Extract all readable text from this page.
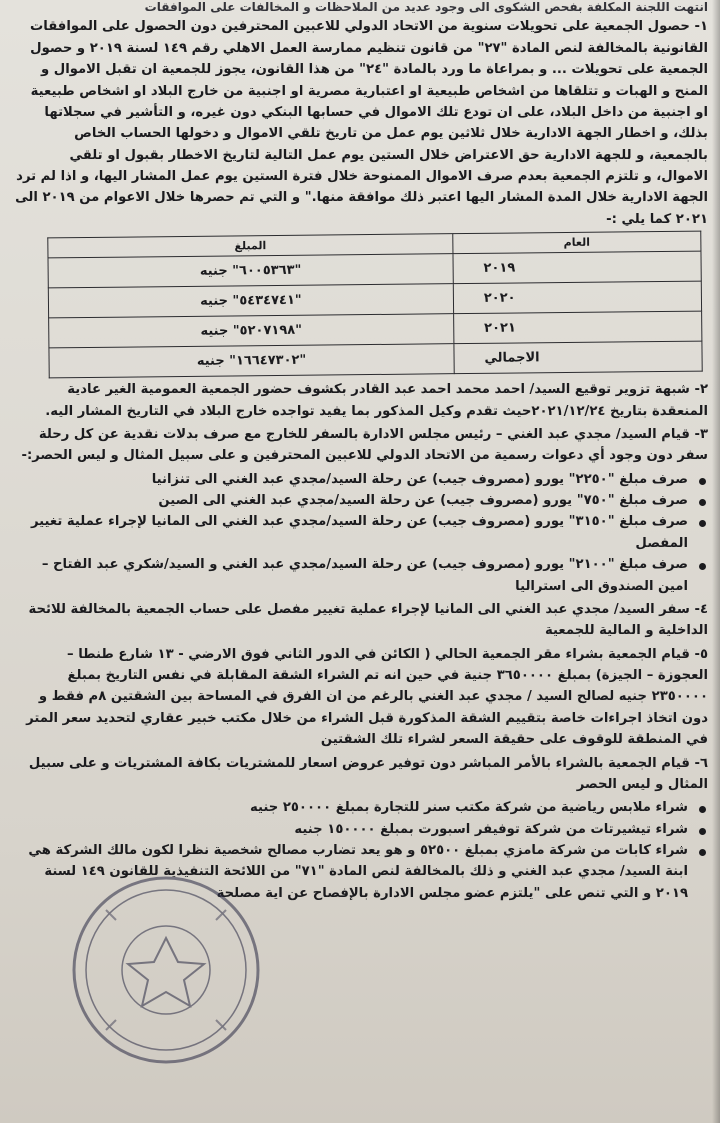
انتهت اللجنة المكلفة بفحص الشكوى الى وجود عديد من الملاحظات و المخالفات على الموافقات

١- حصول الجمعية على تحويلات سنوية من الاتحاد الدولي للاعبين المحترفين دون الحصول على الموافقات القانونية بالمخالفة لنص المادة "٢٧" من قانون تنظيم ممارسة العمل الاهلي رقم ١٤٩ لسنة ٢٠١٩ و حصول الجمعية على تحويلات ... و بمراعاة ما ورد بالمادة "٢٤" من هذا القانون، يجوز للجمعية ان تقبل الاموال و المنح و الهبات و تتلقاها من اشخاص طبيعية او اعتبارية مصرية او اجنبية من خارج البلاد او اشخاص طبيعية او اجنبية من داخل البلاد، على ان تودع تلك الاموال في حسابها البنكي دون غيره، و التأشير في سجلاتها بذلك، و اخطار الجهة الادارية خلال ثلاثين يوم عمل من تاريخ تلقي الاموال و دخولها الحساب الخاص بالجمعية، و للجهة الادارية حق الاعتراض خلال الستين يوم عمل التالية لتاريخ الاخطار بقبول او تلقي الاموال، و تلتزم الجمعية بعدم صرف الاموال الممنوحة خلال فترة الستين يوم عمل المشار اليها، و اذا لم ترد الجهة الادارية خلال المدة المشار اليها اعتبر ذلك موافقة منها." و التي تم حصرها خلال الاعوام من ٢٠١٩ الى ٢٠٢١ كما يلي :-

العام	المبلغ
٢٠١٩	"٦٠٠٥٣٦٣" جنيه
٢٠٢٠	"٥٤٣٤٧٤١" جنيه
٢٠٢١	"٥٢٠٧١٩٨" جنيه
الاجمالي	"١٦٦٤٧٣٠٢" جنيه

٢- شبهة تزوير توقيع السيد/ احمد محمد احمد عبد القادر بكشوف حضور الجمعية العمومية الغير عادية المنعقدة بتاريخ ٢٠٢١/١٢/٢٤حيث تقدم وكيل المذكور بما يفيد تواجده خارج البلاد في التاريخ المشار اليه.

٣- قيام السيد/ مجدي عبد الغني – رئيس مجلس الادارة بالسفر للخارج مع صرف بدلات نقدية عن كل رحلة سفر دون وجود أي دعوات رسمية من الاتحاد الدولي للاعبين المحترفين و على سبيل المثال و ليس الحصر:-

صرف مبلغ "٢٢٥٠" يورو (مصروف جيب) عن رحلة السيد/مجدي عبد الغني الى تنزانيا
صرف مبلغ "٧٥٠" يورو (مصروف جيب) عن رحلة السيد/مجدي عبد الغني الى الصين
صرف مبلغ "٣١٥٠" يورو (مصروف جيب) عن رحلة السيد/مجدي عبد الغني الى المانيا لإجراء عملية تغيير المفصل
صرف مبلغ "٢١٠٠" يورو (مصروف جيب) عن رحلة السيد/مجدي عبد الغني و السيد/شكري عبد الفتاح – امين الصندوق الى استراليا

٤- سفر السيد/ مجدي عبد الغني الى المانيا لإجراء عملية تغيير مفصل على حساب الجمعية بالمخالفة للائحة الداخلية و المالية للجمعية

٥- قيام الجمعية بشراء مقر الجمعية الحالي ( الكائن في الدور الثاني فوق الارضي - ١٣ شارع طنطا – العجوزة – الجيزة) بمبلغ ٣٦٥٠٠٠٠ جنية في حين انه تم الشراء الشقة المقابلة في نفس التاريخ بمبلغ ٢٣٥٠٠٠٠ جنيه لصالح السيد / مجدي عبد الغني بالرغم من ان الفرق في المساحة بين الشقتين ٨م فقط و دون اتخاذ اجراءات خاصة بتقييم الشقة المذكورة قبل الشراء من خلال مكتب خبير عقاري لتحديد سعر المتر في المنطقة للوقوف على حقيقة السعر لشراء تلك الشقتين

٦- قيام الجمعية بالشراء بالأمر المباشر دون توفير عروض اسعار للمشتريات بكافة المشتريات و على سبيل المثال و ليس الحصر

شراء ملابس رياضية من شركة مكتب سنر للتجارة بمبلغ ٢٥٠٠٠٠ جنيه
شراء تيشيرتات من شركة توفيفر اسبورت بمبلغ ١٥٠٠٠٠ جنيه
شراء كابات من شركة مامزي بمبلغ ٥٢٥٠٠ و هو يعد تضارب مصالح شخصية نظرا لكون مالك الشركة هي ابنة السيد/ مجدي عبد الغني و ذلك بالمخالفة لنص المادة "٧١" من اللائحة التنفيذية للقانون ١٤٩ لسنة ٢٠١٩ و التي تنص على "يلتزم عضو مجلس الادارة بالإفصاح عن اية مصلحة
